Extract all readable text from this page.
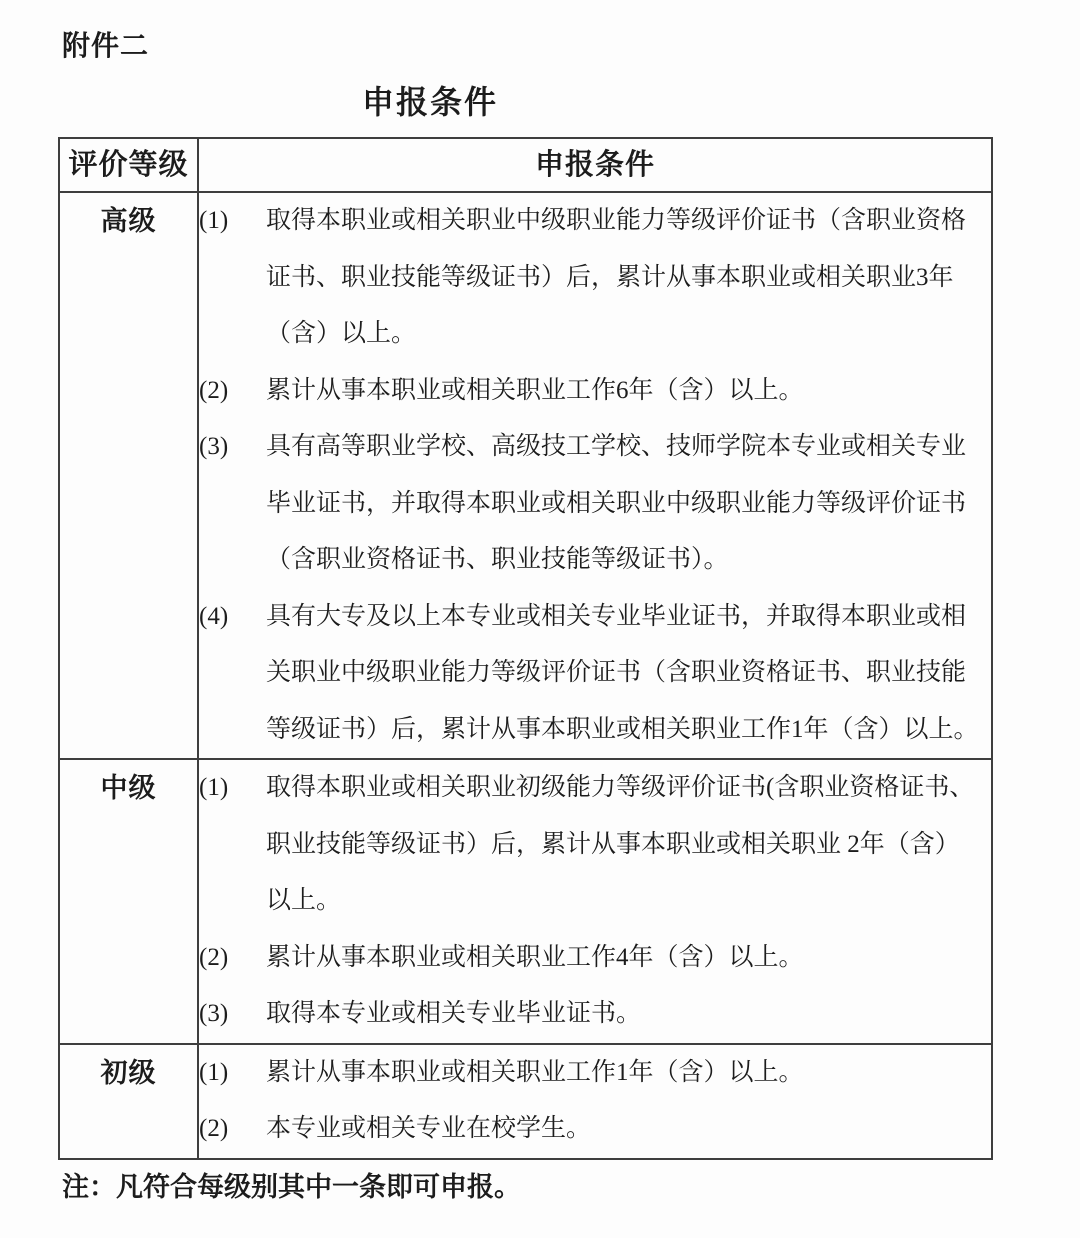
附件二
申报条件
评价等级	申报条件
高级	(1)	取得本职业或相关职业中级职业能力等级评价证书（含职业资格
证书、职业技能等级证书）后，累计从事本职业或相关职业3年
（含）以上。
(2)	累计从事本职业或相关职业工作6年（含）以上。
(3)	具有高等职业学校、高级技工学校、技师学院本专业或相关专业
毕业证书，并取得本职业或相关职业中级职业能力等级评价证书
（含职业资格证书、职业技能等级证书）。
(4)	具有大专及以上本专业或相关专业毕业证书，并取得本职业或相
关职业中级职业能力等级评价证书（含职业资格证书、职业技能
等级证书）后，累计从事本职业或相关职业工作1年（含）以上。

中级	(1)	取得本职业或相关职业初级能力等级评价证书(含职业资格证书、
职业技能等级证书）后，累计从事本职业或相关职业 2年（含）
以上。
(2)	累计从事本职业或相关职业工作4年（含）以上。
(3)	取得本专业或相关专业毕业证书。

初级	(1) 累计从事本职业或相关职业工作1年（含）以上。
(2) 本专业或相关专业在校学生。
注：凡符合每级别其中一条即可申报。
